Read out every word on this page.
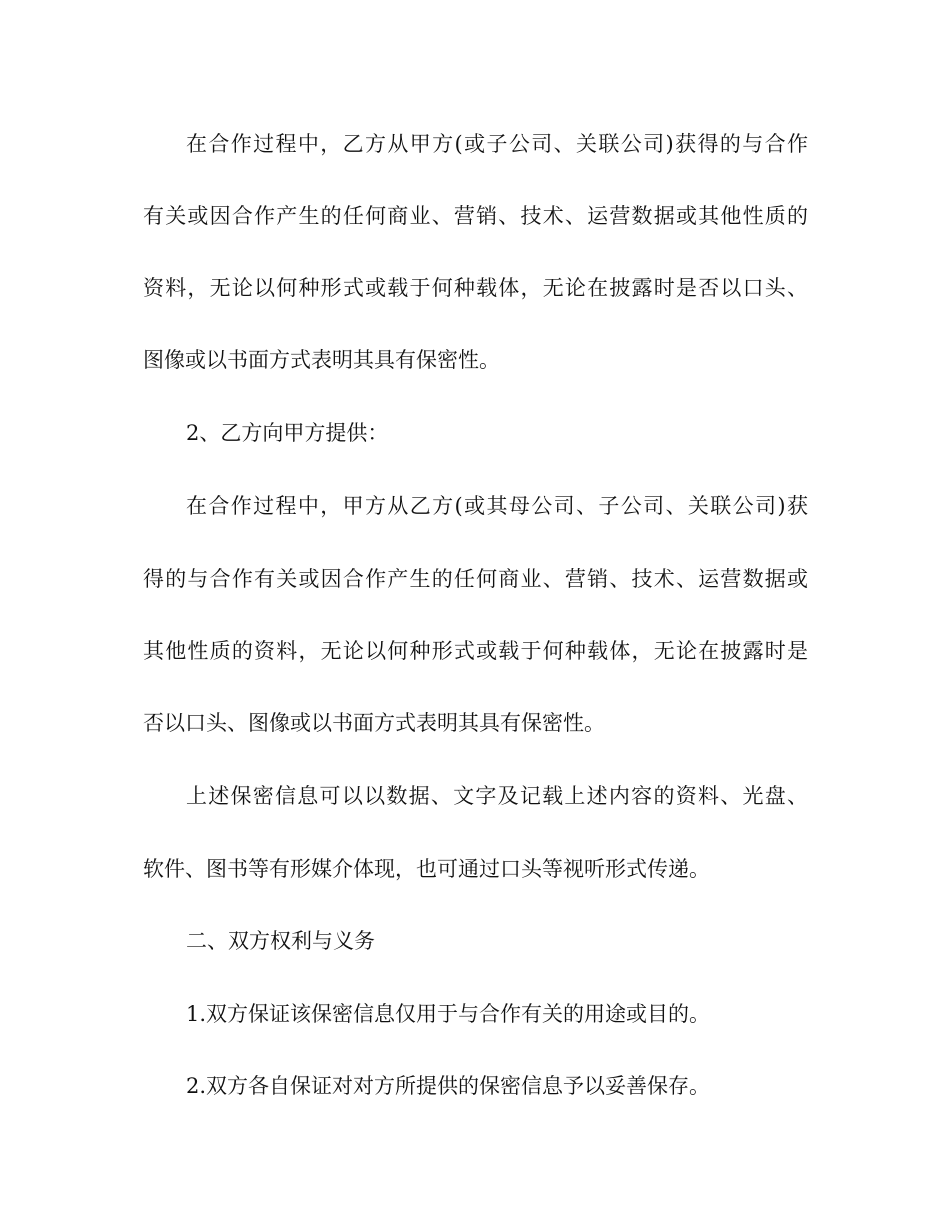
在合作过程中，乙方从甲方(或子公司、关联公司)获得的与合作
有关或因合作产生的任何商业、营销、技术、运营数据或其他性质的
资料，无论以何种形式或载于何种载体，无论在披露时是否以口头、
图像或以书面方式表明其具有保密性。
2、乙方向甲方提供：
在合作过程中，甲方从乙方(或其母公司、子公司、关联公司)获
得的与合作有关或因合作产生的任何商业、营销、技术、运营数据或
其他性质的资料，无论以何种形式或载于何种载体，无论在披露时是
否以口头、图像或以书面方式表明其具有保密性。
上述保密信息可以以数据、文字及记载上述内容的资料、光盘、
软件、图书等有形媒介体现，也可通过口头等视听形式传递。
二、双方权利与义务
1.双方保证该保密信息仅用于与合作有关的用途或目的。
2.双方各自保证对对方所提供的保密信息予以妥善保存。
